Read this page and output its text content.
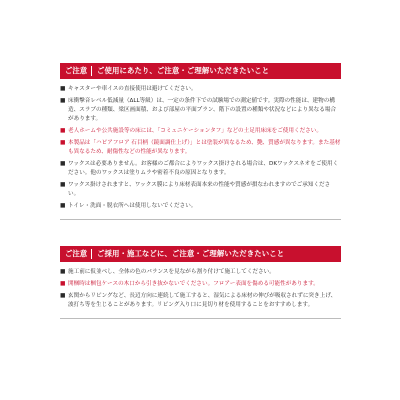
ご注意	ご使用にあたり、ご注意・ご理解いただきたいこと
■ キャスターや車イスの直接使用は避けてください。
■ 床衝撃音レベル低減量（ΔLL等級）は、一定の条件下での試験場での測定値です。実際の性能は、建物の構造、スラブの種類、梁区画面積、および部屋の平面プラン、階下の設置の種類や状況などにより異なる場合があります。
■ 老人ホームや公共施設等の床には、「コミュニケーションタフ」などの土足用床床をご使用ください。
■ 本製品は「ハピアフロア 石目柄（鏡面調仕上げ）」とは塗装が異なるため、艶、質感が異なります。また基材も異なるため、耐傷性などの性能が異なります。
■ ワックスは必要ありません。お客様のご都合によりワックス掛けされる場合は、DKワックスネオをご使用ください。他のワックスは塗りムラや密着不良の原因となります。
■ ワックス掛けされますと、ワックス膜により床材表面本来の性能や質感が損なわれますのでご承知ください。
■ トイレ・洗面・脱衣所へは使用しないでください。
ご注意	ご採用・施工などに、ご注意・ご理解いただきたいこと
■ 施工前に仮並べし、全体の色のバランスを見ながら割り付けて施工してください。
■ 開梱時は梱包ケースの木口から引き抜かないでください。フロアー表面を傷める可能性があります。
■ 玄関からリビングなど、長辺方向に連続して施工すると、湿気による床材の伸びが吸収されずに突き上げ、波打ち等を生じることがあります。リビング入り口に見切り材を使用することをおすすめします。
